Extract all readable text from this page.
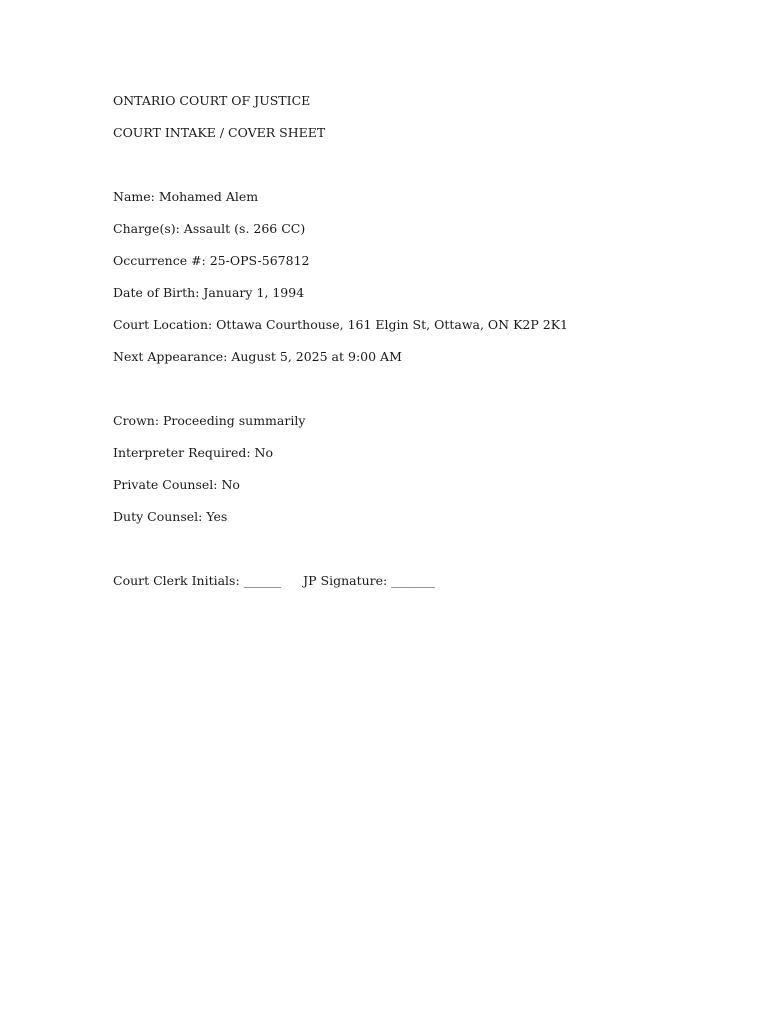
ONTARIO COURT OF JUSTICE
COURT INTAKE / COVER SHEET
Name: Mohamed Alem
Charge(s): Assault (s. 266 CC)
Occurrence #: 25-OPS-567812
Date of Birth: January 1, 1994
Court Location: Ottawa Courthouse, 161 Elgin St, Ottawa, ON K2P 2K1
Next Appearance: August 5, 2025 at 9:00 AM
Crown: Proceeding summarily
Interpreter Required: No
Private Counsel: No
Duty Counsel: Yes
Court Clerk Initials: ______ JP Signature: _______
